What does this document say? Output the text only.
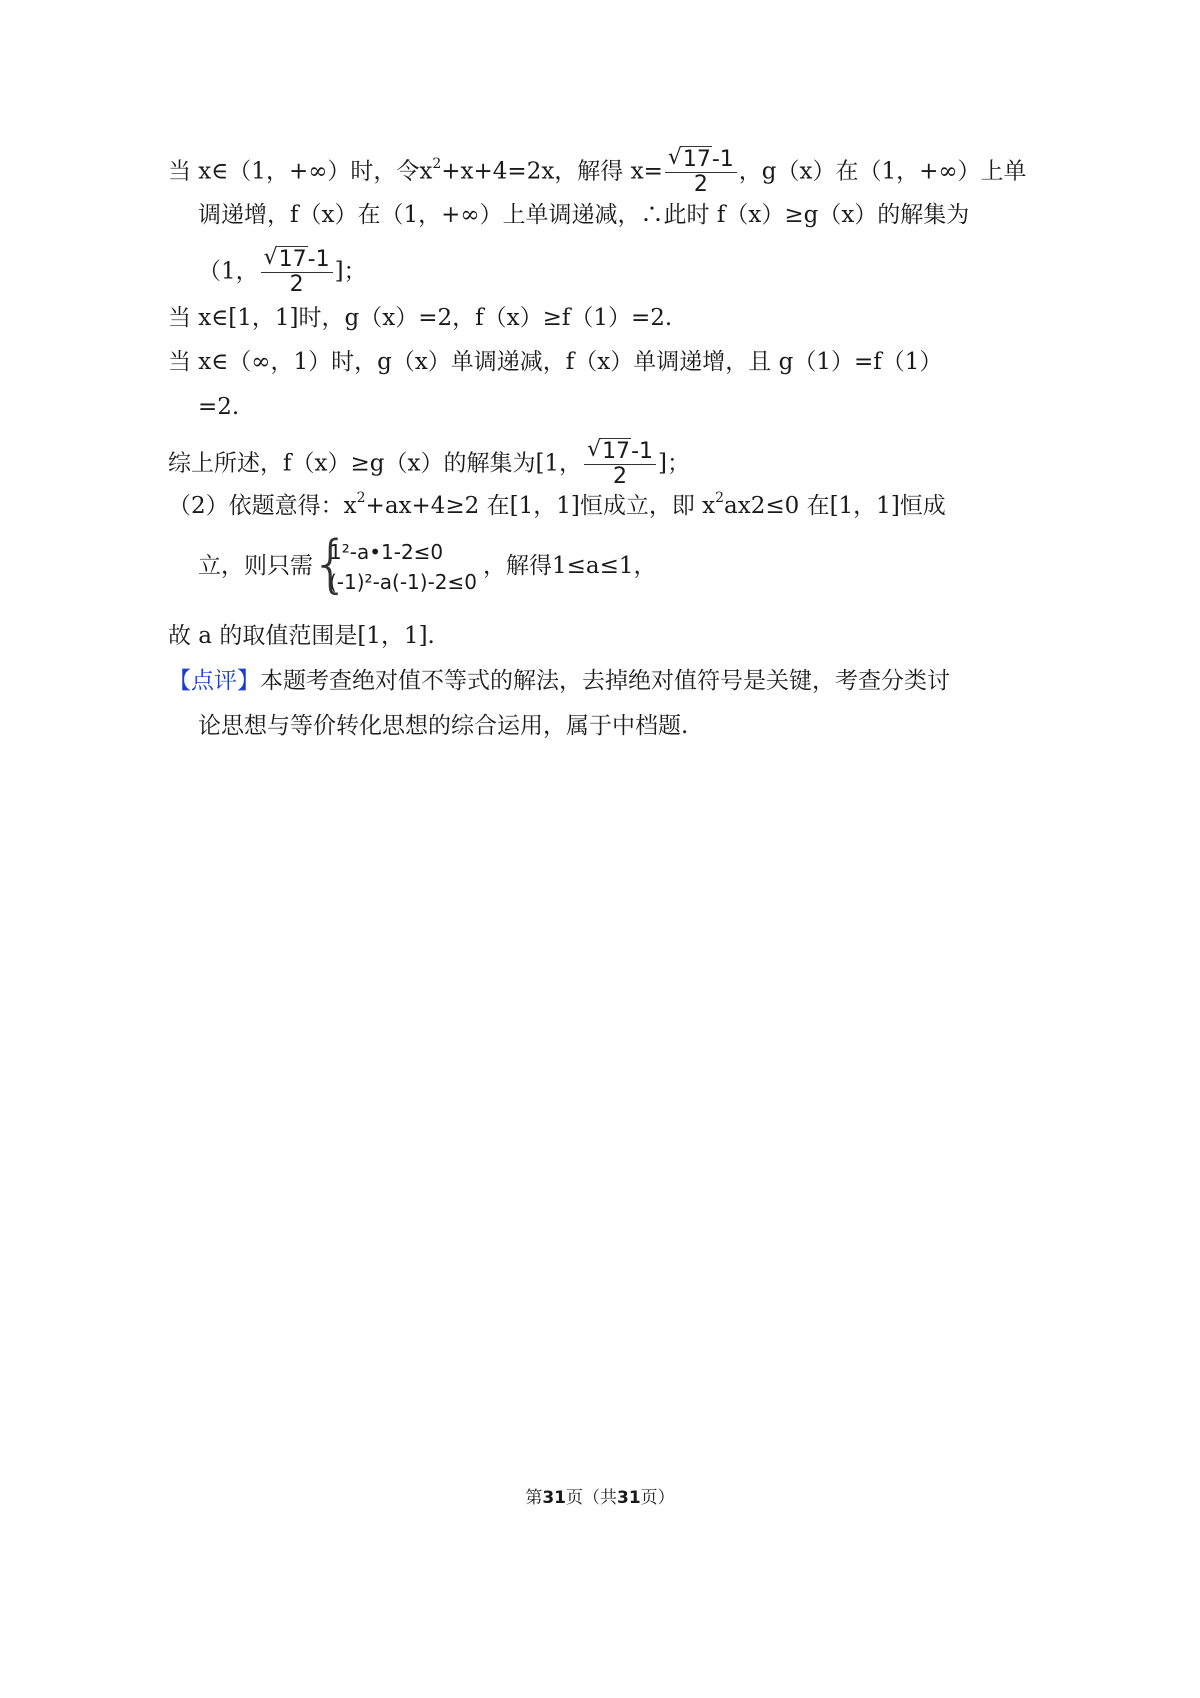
当 x∈（1，+∞）时，令$x^2+x+4=2x$，解得 $x= \frac{√ 17-1}{2}$ ，g（x）在（1，+∞）上单
调递增，f（x）在（1，+∞）上单调递减，∴此时 f（x）≥g（x）的解集为
（1， $\frac{√ 17-1}{2}$ ]；
当 x∈[1，1]时，g（x）=2，f（x）≥f（1）=2.
当 x∈（∞，1）时，g（x）单调递减，f（x）单调递增，且 g（1）=f（1）
=2.
综上所述，f（x）≥g（x）的解集为[1， $\frac{√ 17-1}{2}$ ]；
（2）依题意得：$x^2+ax+4\ge 2$ 在[1，1]恒成立，即 $x^2ax2\le 0$ 在[1，1]恒成
立，则只需
{
1²-a•1-2≤0
(-1)²-a(-1)-2≤0
，解得1≤a≤1，
故 a 的取值范围是[1，1].
【点评】本题考查绝对值不等式的解法，去掉绝对值符号是关键，考查分类讨
论思想与等价转化思想的综合运用，属于中档题.
第31页（共31页）
